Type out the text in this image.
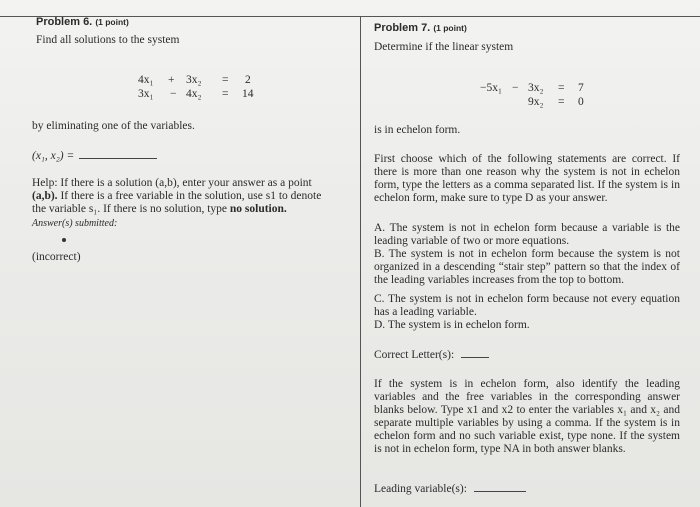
Problem 6. (1 point)
Find all solutions to the system
4x₁ + 3x₂ = 2
3x₁ − 4x₂ = 14
by eliminating one of the variables.
(x₁, x₂) =
Help: If there is a solution (a,b), enter your answer as a point
(a,b). If there is a free variable in the solution, use s1 to denote
the variable s₁. If there is no solution, type no solution.
Answer(s) submitted:
(incorrect)
Problem 7. (1 point)
Determine if the linear system
−5x₁ − 3x₂ = 7
9x₂ = 0
is in echelon form.
First choose which of the following statements are correct. If there is more than one reason why the system is not in echelon form, type the letters as a comma separated list. If the system is in echelon form, make sure to type D as your answer.
A. The system is not in echelon form because a variable is the leading variable of two or more equations.
B. The system is not in echelon form because the system is not organized in a descending “stair step” pattern so that the index of the leading variables increases from the top to bottom.
C. The system is not in echelon form because not every equation has a leading variable.
D. The system is in echelon form.
Correct Letter(s):
If the system is in echelon form, also identify the leading variables and the free variables in the corresponding answer blanks below. Type x1 and x2 to enter the variables x₁ and x₂ and separate multiple variables by using a comma. If the system is in echelon form and no such variable exist, type none. If the system is not in echelon form, type NA in both answer blanks.
Leading variable(s):
